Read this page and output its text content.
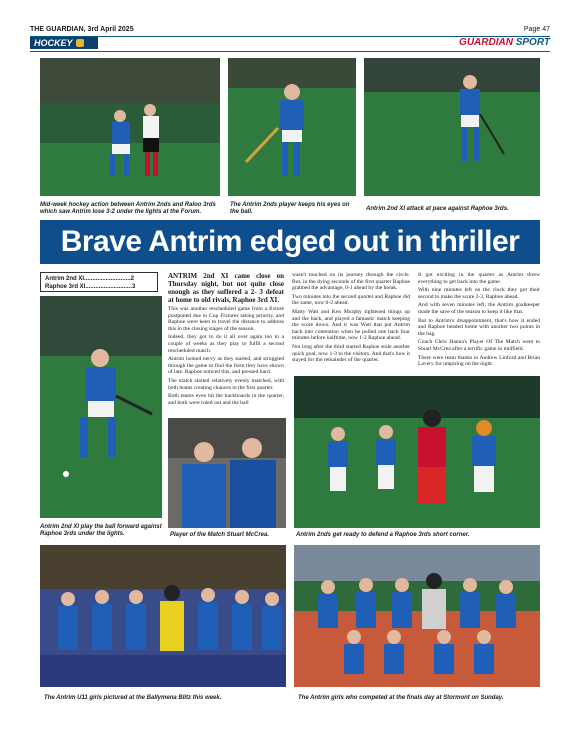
THE GUARDIAN, 3rd April 2025	Page 47
HOCKEY	GUARDIAN SPORT
Mid-week hockey action between Antrim 2nds and Raloo 3rds which saw Antrim lose 3-2 under the lights at the Forum.
The Antrim 2nds player keeps his eyes on the ball.	Antrim 2nd XI attack at pace against Raphoe 3rds.
Brave Antrim edged out in thriller
Antrim 2nd XI............................2
Raphoe 3rd XI............................3

ANTRIM 2nd XI came close on Thursday night, but not quite close enough as they suffered a 2- 3 defeat at home to old rivals, Raphoe 3rd XI.

This was another rescheduled game from a fixture postponed due to Cup Fixtures taking priority, and Raphoe were keen to travel the distance to address this in the closing stages of the season.

Indeed, they got to do it all over again too in a couple of weeks as they play to fulfil a second rescheduled match.

Antrim looked nervy as they started, and struggled through the game to find the form they have shown of late. Raphoe noticed this, and pressed hard.

The match started relatively evenly matched, with both teams creating chances in the first quarter.

Both teams even hit the backboards in the quarter, and both were ruled out and the ball

wasn't touched on its journey through the circle. But, in the dying seconds of the first quarter Raphoe grabbed the advantage, 0-1 ahead by the break.

Two minutes into the second quarter and Raphoe did the same, now 0-2 ahead.

Matty Watt and Ken Murphy tightened things up and the back, and played a fantastic match keeping the score down. And it was Watt that put Antrim back into contention when he pulled one back four minutes before halftime, now 1-2 Raphoe ahead.

Not long after the third started Raphoe stole another quick goal, now 1-3 to the visitors. And that's how it stayed for the remainder of the quarter.

It got exciting in the quarter as Antrim threw everything to get back into the game.

With nine minutes left on the clock they got their second to make the score 2-3, Raphoe ahead.

And with seven minutes left, the Antrim goalkeeper made the save of the season to keep it like that.

But to Antrim's disappointment, that's how it ended and Raphoe headed home with another two points in the bag.

Coach Chris Hanna's Player Of The Match went to Stuart McCrea after a terrific game in midfield.

There were team thanks to Andrew Linford and Brian Lavery for umpiring on the night.

Antrim 2nd XI play the ball forward against Raphoe 3rds under the lights.	Player of the Match Stuart McCrea.	Antrim 2nds get ready to defend a Raphoe 3rds short corner.
The Antrim U11 girls pictured at the Ballymena Blitz this week.	The Antrim girls who competed at the finals day at Stormont on Sunday.
